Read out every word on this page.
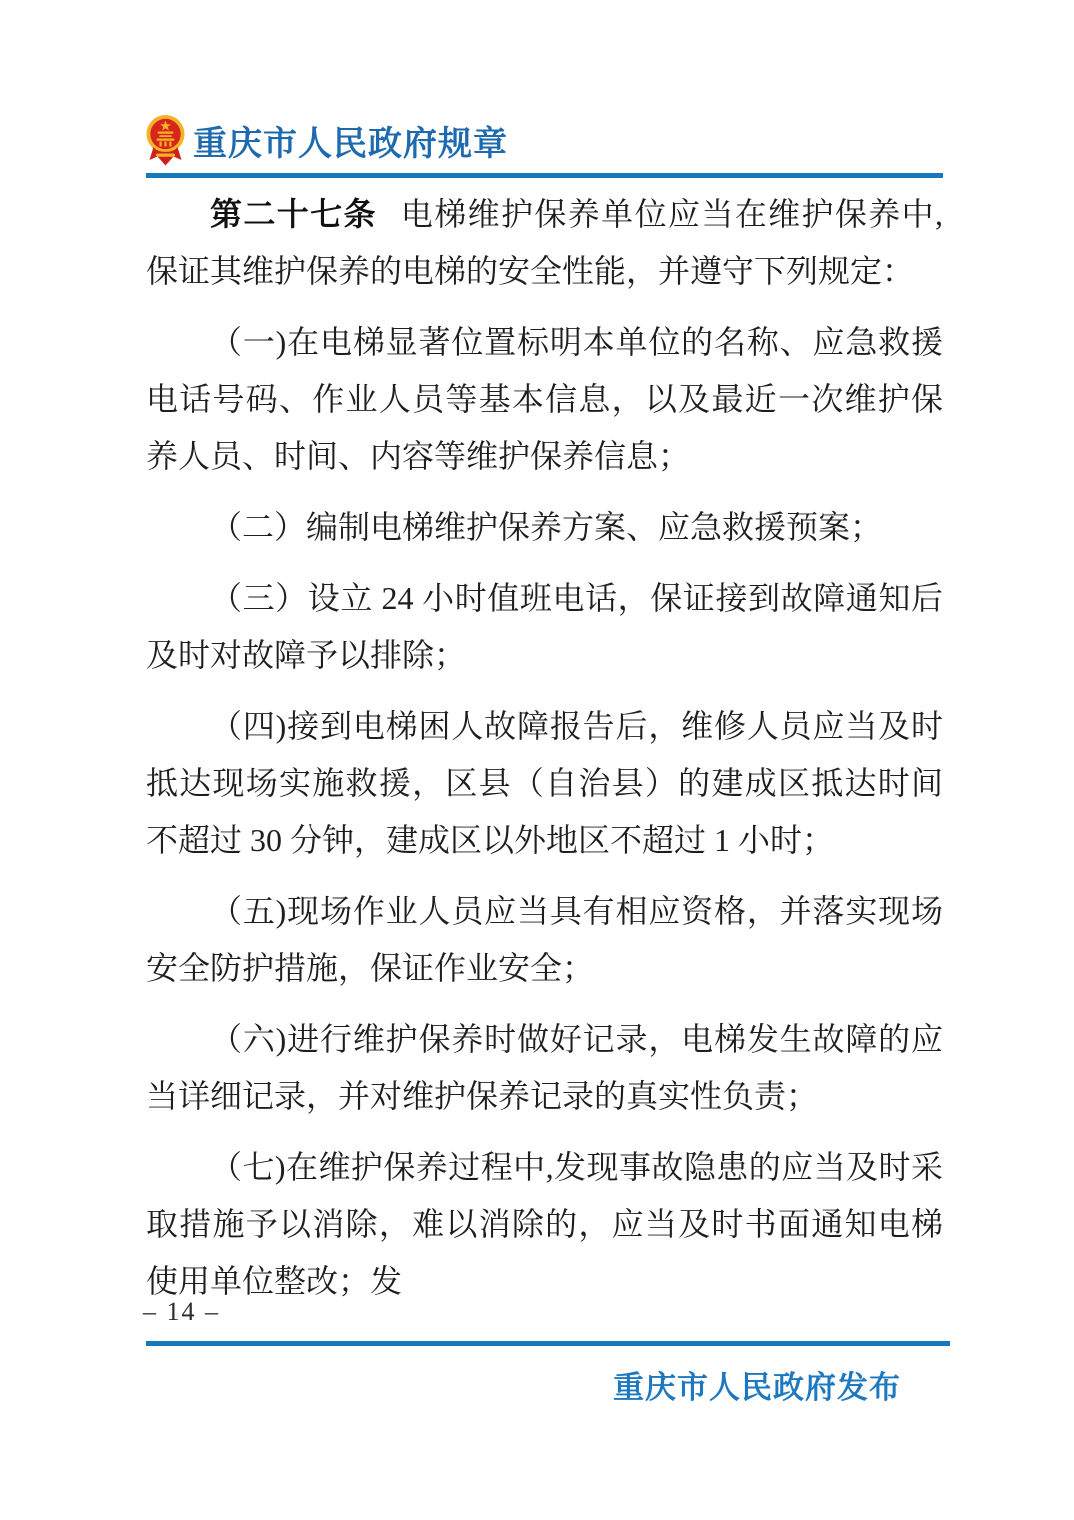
重庆市人民政府规章

第二十七条 电梯维护保养单位应当在维护保养中,保证其维护保养的电梯的安全性能，并遵守下列规定：

（一)在电梯显著位置标明本单位的名称、应急救援电话号码、作业人员等基本信息，以及最近一次维护保养人员、时间、内容等维护保养信息；

（二）编制电梯维护保养方案、应急救援预案；

（三）设立 24 小时值班电话，保证接到故障通知后及时对故障予以排除；

（四)接到电梯困人故障报告后，维修人员应当及时抵达现场实施救援，区县（自治县）的建成区抵达时间不超过 30 分钟，建成区以外地区不超过 1 小时；

（五)现场作业人员应当具有相应资格，并落实现场安全防护措施，保证作业安全；

（六)进行维护保养时做好记录，电梯发生故障的应当详细记录，并对维护保养记录的真实性负责；

（七)在维护保养过程中,发现事故隐患的应当及时采取措施予以消除，难以消除的，应当及时书面通知电梯使用单位整改；发

– 14 –
重庆市人民政府发布
